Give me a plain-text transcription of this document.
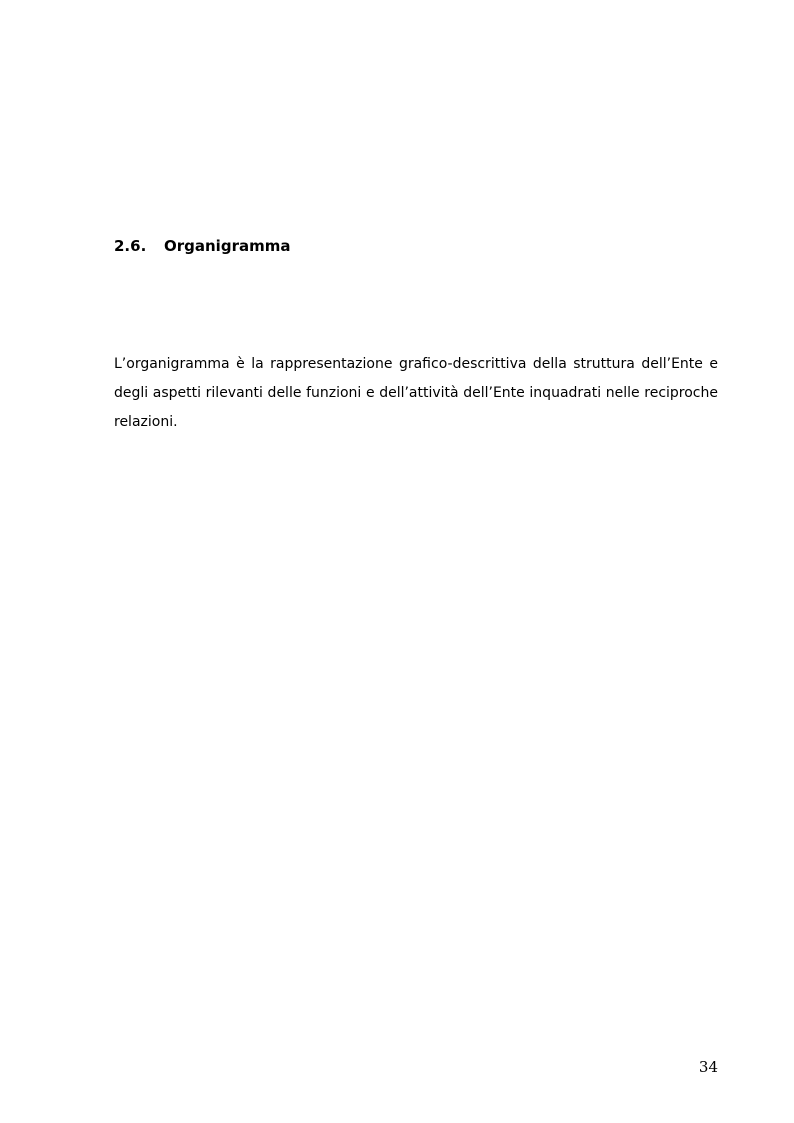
2.6. Organigramma

L’organigramma è la rappresentazione grafico-descrittiva della struttura dell’Ente e degli aspetti rilevanti delle funzioni e dell’attività dell’Ente inquadrati nelle reciproche relazioni.

34
